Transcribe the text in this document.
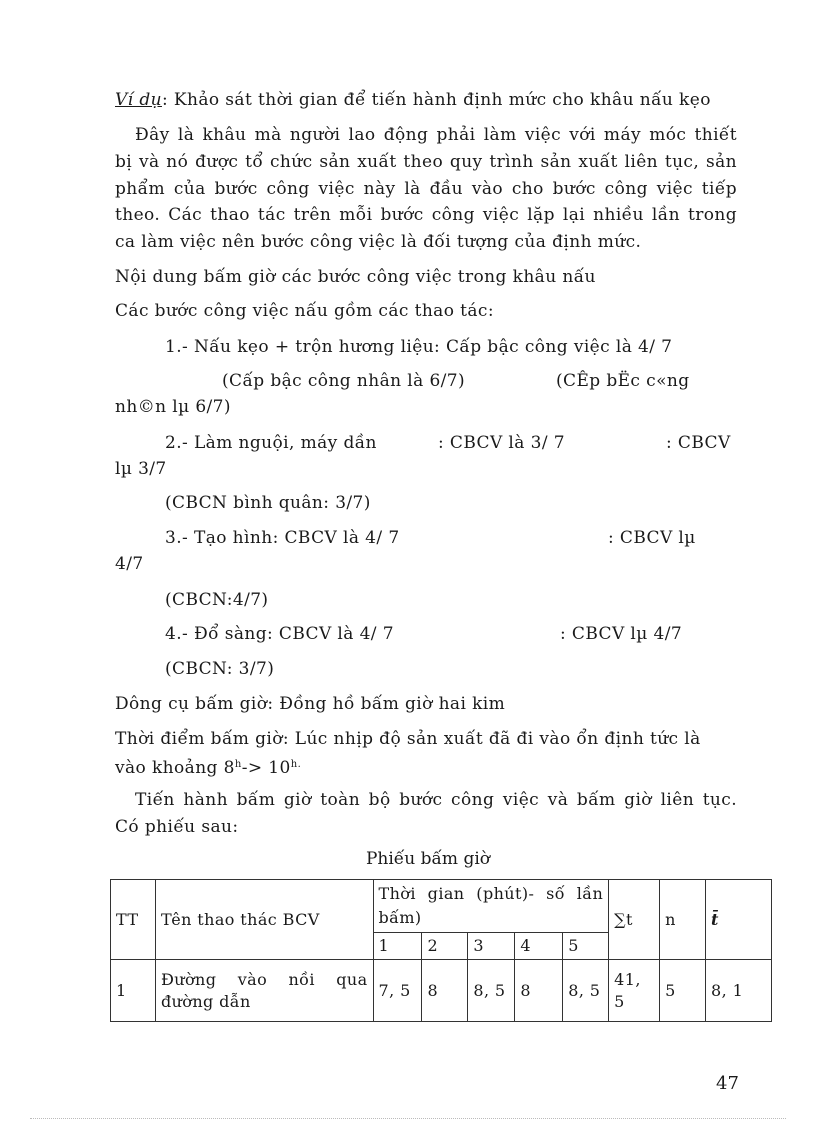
Ví dụ: Khảo sát thời gian để tiến hành định mức cho khâu nấu kẹo
Đây là khâu mà người lao động phải làm việc với máy móc thiết
bị và nó được tổ chức sản xuất theo quy trình sản xuất liên tục, sản
phẩm của bước công việc này là đầu vào cho bước công việc tiếp
theo. Các thao tác trên mỗi bước công việc lặp lại nhiều lần trong
ca làm việc nên bước công việc là đối tượng của định mức.
Nội dung bấm giờ các bước công việc trong khâu nấu
Các bước công việc nấu gồm các thao tác:
1.- Nấu kẹo + trộn hương liệu: Cấp bậc công việc là 4/ 7
(Cấp bậc công nhân là 6/7)	(CÊp bËc c«ng
nh©n lµ 6/7)
2.- Làm nguội, máy dần	: CBCV là 3/ 7	: CBCV
lµ 3/7
(CBCN bình quân: 3/7)
3.- Tạo hình: CBCV là 4/ 7	: CBCV lµ
4/7
(CBCN:4/7)
4.- Đổ sàng: CBCV là 4/ 7	: CBCV lµ 4/7
(CBCN: 3/7)
Dông cụ bấm giờ: Đồng hồ bấm giờ hai kim
Thời điểm bấm giờ: Lúc nhịp độ sản xuất đã đi vào ổn định tức là
vào khoảng $8^h-> 10^{h.}$
Tiến hành bấm giờ toàn bộ bước công việc và bấm giờ liên tục.
Có phiếu sau:
Phiếu bấm giờ
TT	Tên thao thác BCV	Thời gian (phút)- số lần bấm)					∑t	n	t̄
		1	2	3	4	5			
1	Đường vào nồi qua đường dẫn	7, 5	8	8, 5	8	8, 5	41, 5	5	8, 1
47
